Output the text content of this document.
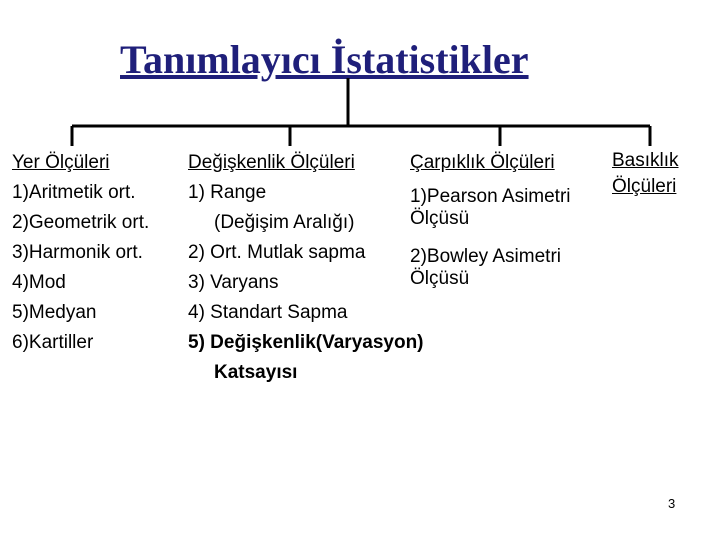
Tanımlayıcı İstatistikler
Yer Ölçüleri
1)Aritmetik ort.
2)Geometrik ort.
3)Harmonik ort.
4)Mod
5)Medyan
6)Kartiller
Değişkenlik Ölçüleri
1) Range
(Değişim Aralığı)
2) Ort. Mutlak sapma
3) Varyans
4) Standart Sapma
5) Değişkenlik(Varyasyon)
Katsayısı
Çarpıklık Ölçüleri
1)Pearson Asimetri
Ölçüsü
2)Bowley Asimetri
Ölçüsü
Basıklık
Ölçüleri
3
